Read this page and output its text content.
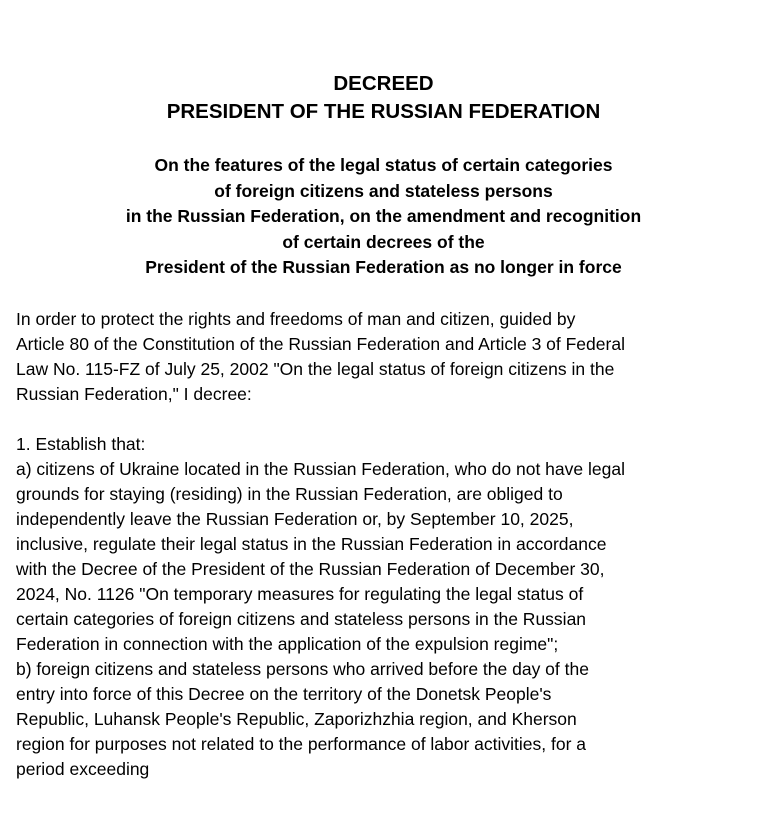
DECREED
PRESIDENT OF THE RUSSIAN FEDERATION
On the features of the legal status of certain categories
of foreign citizens and stateless persons
in the Russian Federation, on the amendment and recognition
of certain decrees of the
President of the Russian Federation as no longer in force
In order to protect the rights and freedoms of man and citizen, guided by
Article 80 of the Constitution of the Russian Federation and Article 3 of Federal
Law No. 115-FZ of July 25, 2002 "On the legal status of foreign citizens in the
Russian Federation," I decree:
1. Establish that:
a) citizens of Ukraine located in the Russian Federation, who do not have legal
grounds for staying (residing) in the Russian Federation, are obliged to
independently leave the Russian Federation or, by September 10, 2025,
inclusive, regulate their legal status in the Russian Federation in accordance
with the Decree of the President of the Russian Federation of December 30,
2024, No. 1126 "On temporary measures for regulating the legal status of
certain categories of foreign citizens and stateless persons in the Russian
Federation in connection with the application of the expulsion regime";
b) foreign citizens and stateless persons who arrived before the day of the
entry into force of this Decree on the territory of the Donetsk People's
Republic, Luhansk People's Republic, Zaporizhzhia region, and Kherson
region for purposes not related to the performance of labor activities, for a
period exceeding
